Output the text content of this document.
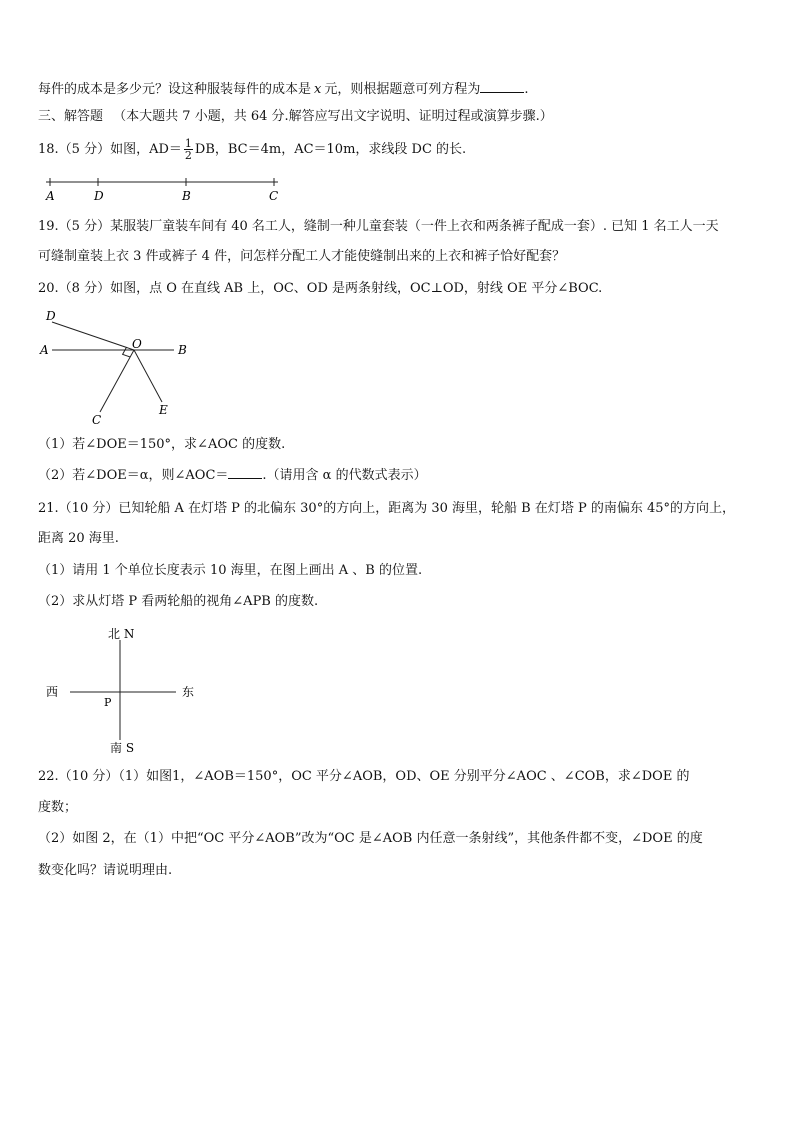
每件的成本是多少元？设这种服装每件的成本是 x 元，则根据题意可列方程为	.
三、解答题 （本大题共 7 小题，共 64 分.解答应写出文字说明、证明过程或演算步骤.）
18.（5 分）如图，$AD= \frac{1}{2}$ DB，BC＝4m，AC＝10m，求线段 DC 的长.
A	D	B	C
19.（5 分）某服装厂童装车间有 40 名工人，缝制一种儿童套装（一件上衣和两条裤子配成一套）. 已知 1 名工人一天
可缝制童装上衣 3 件或裤子 4 件，问怎样分配工人才能使缝制出来的上衣和裤子恰好配套？
20.（8 分）如图，点 O 在直线 AB 上，OC、OD 是两条射线，OC⊥OD，射线 OE 平分∠BOC.
D
O
A	B
C
E
（1）若∠DOE＝150°，求∠AOC 的度数.
（2）若∠DOE＝α，则∠AOC＝	.（请用含 α 的代数式表示）
21.（10 分）已知轮船 A 在灯塔 P 的北偏东 30°的方向上，距离为 30 海里，轮船 B 在灯塔 P 的南偏东 45°的方向上，
距离 20 海里.
（1）请用 1 个单位长度表示 10 海里，在图上画出 A 、B 的位置.
（2）求从灯塔 P 看两轮船的视角∠APB 的度数.
北 N
南 S
西	东
P
22.（10 分）（1）如图1，∠AOB＝150°，OC 平分∠AOB，OD、OE 分别平分∠AOC 、∠COB，求∠DOE 的
度数；
（2）如图 2，在（1）中把“OC 平分∠AOB”改为“OC 是∠AOB 内任意一条射线”，其他条件都不变，∠DOE 的度
数变化吗？请说明理由.
